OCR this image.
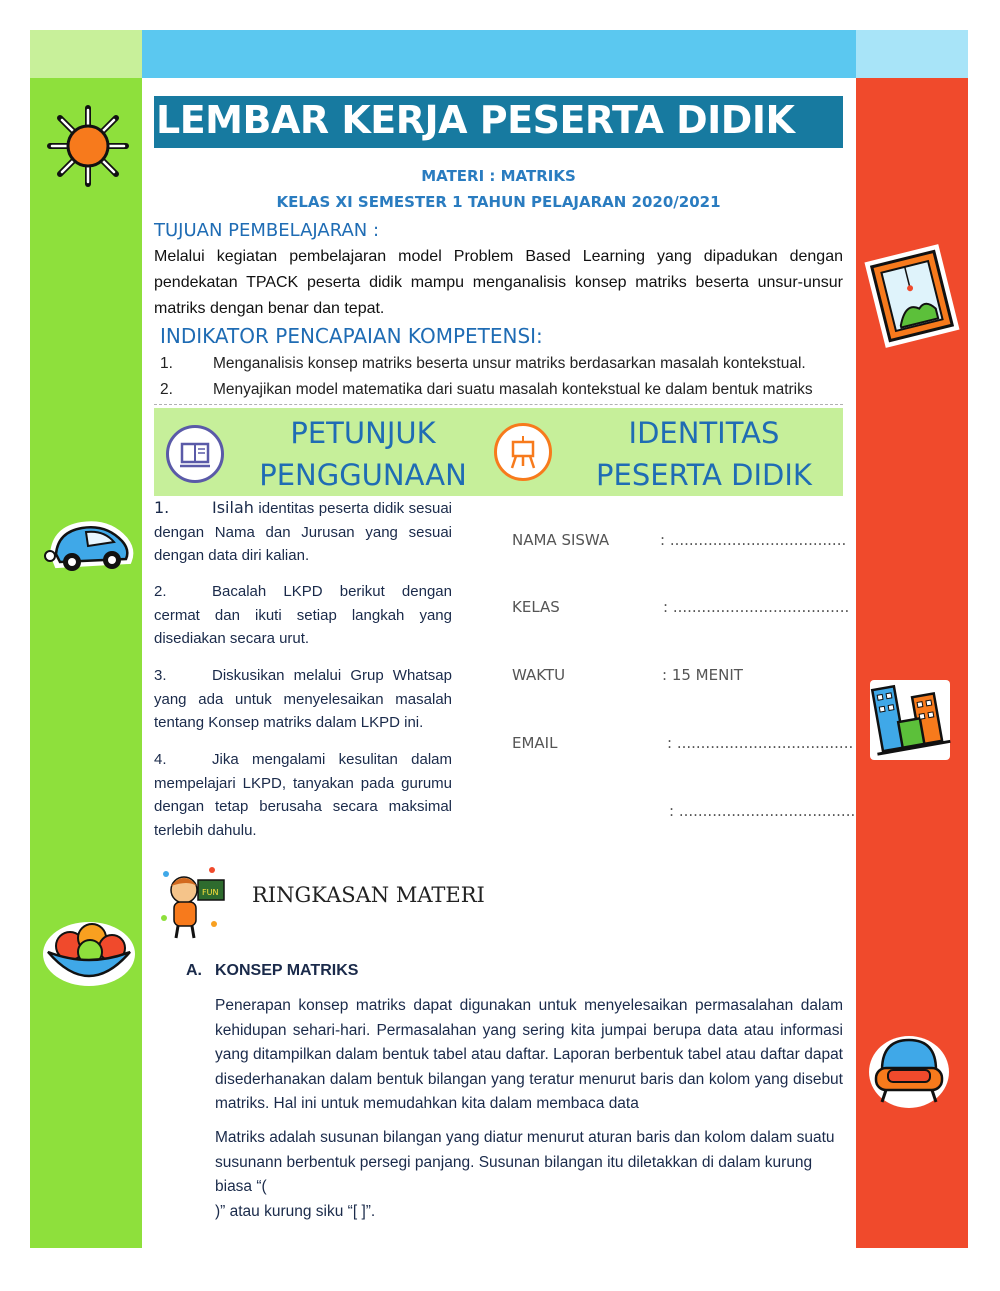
LEMBAR KERJA PESERTA DIDIK
MATERI : MATRIKS
KELAS XI SEMESTER 1 TAHUN PELAJARAN 2020/2021
TUJUAN PEMBELAJARAN :
Melalui kegiatan pembelajaran model Problem Based Learning yang dipadukan dengan pendekatan TPACK peserta didik mampu menganalisis konsep matriks beserta unsur-unsur matriks dengan benar dan tepat.
INDIKATOR PENCAPAIAN KOMPETENSI:
1.	Menganalisis konsep matriks beserta unsur matriks berdasarkan masalah kontekstual.
2.	Menyajikan model matematika dari suatu masalah kontekstual ke dalam bentuk matriks
PETUNJUK
PENGGUNAAN
IDENTITAS
PESERTA DIDIK
1.	Isilah identitas peserta didik sesuai dengan Nama dan Jurusan yang sesuai dengan data diri kalian.
2.	Bacalah LKPD berikut dengan cermat dan ikuti setiap langkah yang disediakan secara urut.
3.	Diskusikan melalui Grup Whatsap yang ada untuk menyelesaikan masalah tentang Konsep matriks dalam LKPD ini.
4.	Jika mengalami kesulitan dalam mempelajari LKPD, tanyakan pada gurumu dengan tetap berusaha secara maksimal terlebih dahulu.
NAMA SISWA	: .....................................
KELAS	: .....................................
WAKTU	: 15 MENIT
EMAIL	: .....................................
: .....................................
FUN RINGKASAN MATERI
A. KONSEP MATRIKS
Penerapan konsep matriks dapat digunakan untuk menyelesaikan permasalahan dalam kehidupan sehari-hari. Permasalahan yang sering kita jumpai berupa data atau informasi yang ditampilkan dalam bentuk tabel atau daftar. Laporan berbentuk tabel atau daftar dapat disederhanakan dalam bentuk bilangan yang teratur menurut baris dan kolom yang disebut matriks. Hal ini untuk memudahkan kita dalam membaca data
Matriks adalah susunan bilangan yang diatur menurut aturan baris dan kolom dalam suatu
susunann berbentuk persegi panjang. Susunan bilangan itu diletakkan di dalam kurung biasa “(
)” atau kurung siku “[ ]”.
